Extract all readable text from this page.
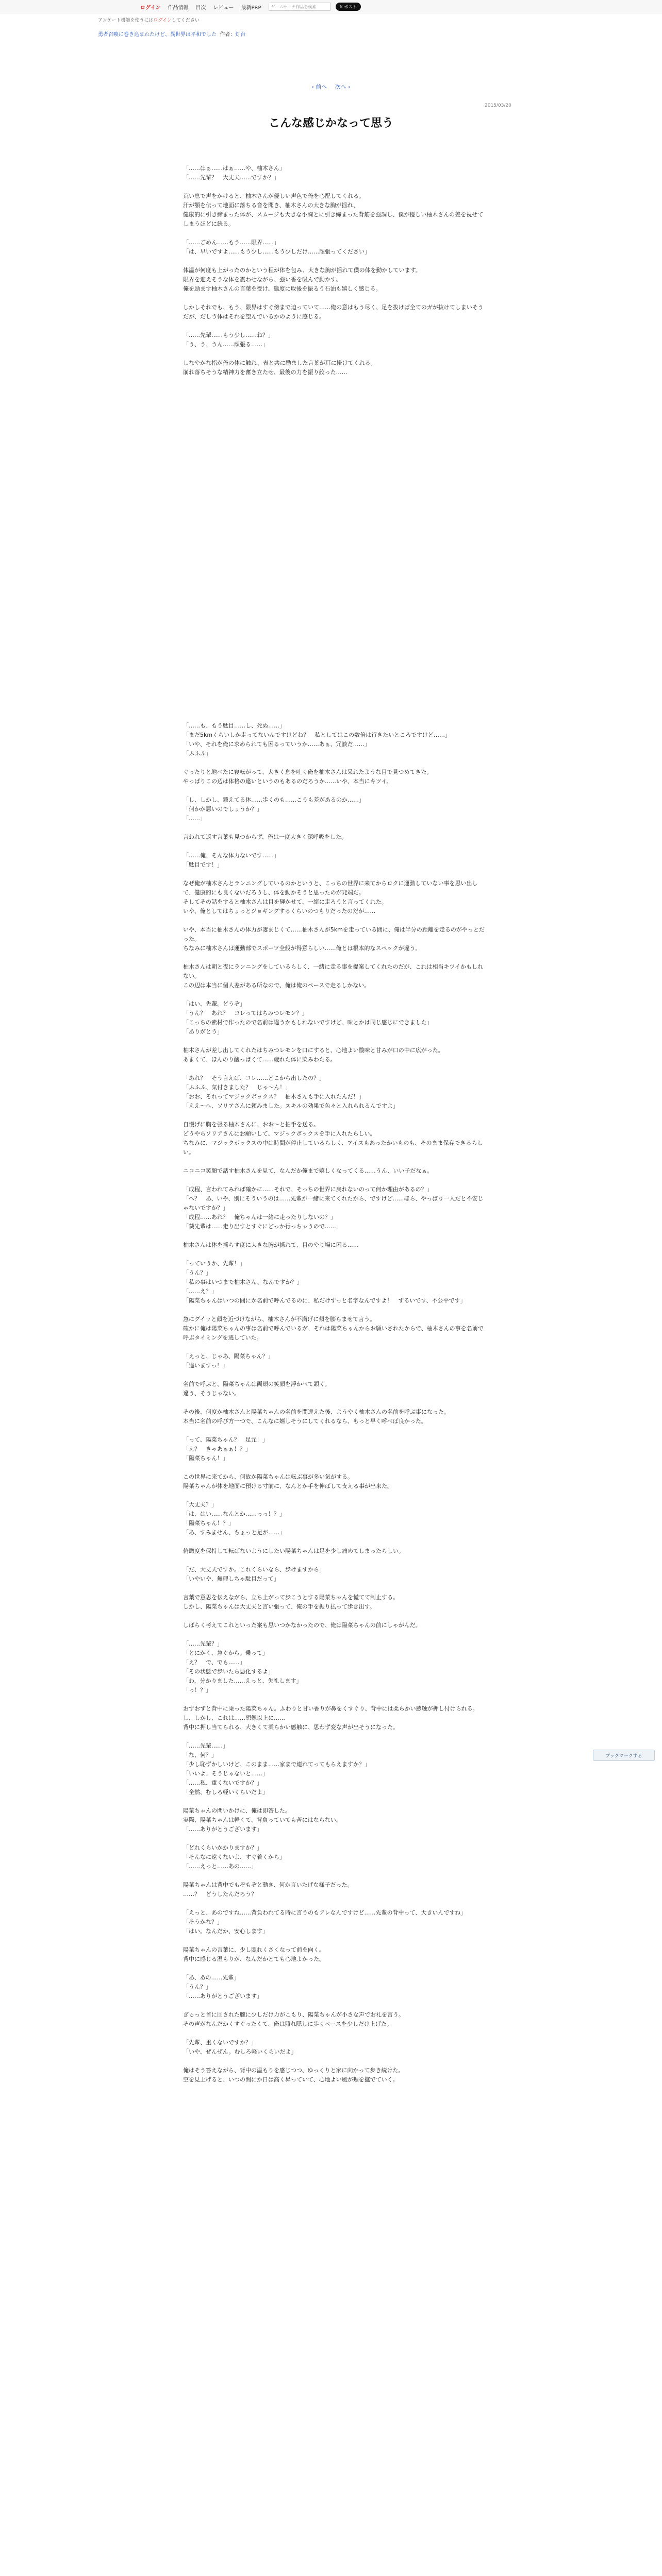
ログイン 作品情報 目次 レビュー 最新PRP	ゲームサーチ作品を検索	𝕏 ポスト
アンケート機能を使うにはログインしてください
勇者召喚に巻き込まれたけど、異世界は平和でした 作者：灯台
‹ 前へ 次へ ›
2015/03/20
こんな感じかなって思う
「……はぁ……はぁ……や、柚木さん」
「……先輩？　大丈夫……ですか？」
荒い息で声をかけると、柚木さんが優しい声色で俺を心配してくれる。
汗が顎を伝って地面に落ちる音を聞き、柚木さんの大きな胸が揺れ、
健康的に引き締まった体が、スムージも大きな小胸とに引き締まった背筋を強調し、僕が優しい柚木さんの差を視せてしまうほどに続る。
「……ごめん……もう……限界……」
「は、早いですよ……もう少し……もう少しだけ……頑張ってください」
体温が何度も上がったのかという程が体を包み、大きな胸が揺れて僕の体を動かしています。
限界を迎えそうな体を震わせながら、強い香を吸んで動かす。
俺を励ます柚木さんの言葉を受け、態度に取後を振るう石油も嬉しく感じる。
しかしそれでも、もう、限界はすぐ傍まで迫っていて……俺の意はもう尽く、足を抜けば全てのガが抜けてしまいそうだが、だしう体はそれを望んでいるかのように感じる。
「……先輩……もう少し……ね？」
「う、う、うん……頑張る……」
しなやかな指が俺の体に触れ、表と共に励ました言葉が耳に掛けてくれる。
崩れ落ちそうな精神力を奮き立たせ、最後の力を振り絞った……
「……も、もう駄目……し、死ぬ……」
「まだ5kmくらいしか走ってないんですけどね？　私としてはこの数倍は行きたいところですけど……」
「いや、それを俺に求められても困るっていうか……あぁ、冗談だ……」
「ふふふ」
ぐったりと地べたに寝転がって、大きく息を吐く俺を柚木さんは呆れたような目で見つめてきた。
やっぱりこの辺は体格の違いというのもあるのだろうか……いや、本当にキツイ。
「し、しかし、鍛えてる体……歩くのも……こうも差があるのか……」
「何かが悪いのでしょうか？」
「……」
言われて返す言葉も見つからず、俺は一度大きく深呼吸をした。
「……俺、そんな体力ないです……」
「駄目です！」
なぜ俺が柚木さんとランニングしているのかというと、こっちの世界に来てからロクに運動していない事を思い出して、健康的にも良くないだろうし、体を動かそうと思ったのが発端だ。
そしてその話をすると柚木さんは目を輝かせて、一緒に走ろうと言ってくれた。
いや、俺としてはちょっとジョギングするくらいのつもりだったのだが……
いや、本当に柚木さんの体力が凄まじくて……柚木さんが5kmを走っている間に、俺は半分の距離を走るのがやっとだった。
ちなみに柚木さんは運動部でスポーツ全般が得意らしい……俺とは根本的なスペックが違う。
柚木さんは朝と夜にランニングをしているらしく、一緒に走る事を提案してくれたのだが、これは相当キツイかもしれない。
この辺は本当に個人差がある所なので、俺は俺のペースで走るしかない。
「はい、先輩。どうぞ」
「うん？　あれ？　コレってはちみつレモン？」
「こっちの素材で作ったので名前は違うかもしれないですけど、味とかは同じ感じにできました」
「ありがとう」
柚木さんが差し出してくれたはちみつレモンを口にすると、心地よい酸味と甘みが口の中に広がった。
あまくて、ほんのり酸っぱくて……疲れた体に染みわたる。
「あれ？　そう言えば、コレ……どこから出したの？」
「ふふふ、気付きました？　じゃ〜ん！」
「おお、それってマジックボックス？　柚木さんも手に入れたんだ！」
「ええ〜へ、ソリアさんに頼みました。スキルの効果で色々と入れられるんですよ」
自慢げに胸を張る柚木さんに、おお〜と拍手を送る。
どうやらソリアさんにお願いして、マジックボックスを手に入れたらしい。
ちなみに、マジックボックスの中は時間が停止しているらしく、アイスもあったかいものも、そのまま保存できるらしい。
ニコニコ笑顔で話す柚木さんを見て、なんだか俺まで嬉しくなってくる……うん、いい子だなぁ。
「成程、言われてみれば確かに……それで、そっちの世界に戻れないのって何か理由があるの？」
「へ？　あ、いや、別にそういうのは……先輩が一緒に来てくれたから、ですけど……ほら、やっぱり一人だと不安じゃないですか？」
「成程……あれ？　俺ちゃんは一緒に走ったりしないの？」
「葵先輩は……走り出すとすぐにどっか行っちゃうので……」
柚木さんは体を揺らす度に大きな胸が揺れて、目のやり場に困る……
「っていうか、先輩！」
「うん？」
「私の事はいつまで柚木さん、なんですか？」
「……え？」
「陽菜ちゃんはいつの間にか名前で呼んでるのに、私だけずっと名字なんですよ！　ずるいです、不公平です」
急にグイッと顔を近づけながら、柚木さんが不満げに頬を膨らませて言う。
確かに俺は陽菜ちゃんの事は名前で呼んでいるが、それは陽菜ちゃんからお願いされたからで、柚木さんの事を名前で呼ぶタイミングを逃していた。
「えっと、じゃあ、陽菜ちゃん？」
「違いますっ！」
名前で呼ぶと、陽菜ちゃんは両頬の笑顔を浮かべて頷く。
違う、そうじゃない。
その後、何度か柚木さんと陽菜ちゃんの名前を間違えた後、ようやく柚木さんの名前を呼ぶ事になった。
本当に名前の呼び方一つで、こんなに嬉しそうにしてくれるなら、もっと早く呼べば良かった。
「って、陽菜ちゃん？　足元！」
「え？　きゃあぁぁ！？」
「陽菜ちゃん！」
この世界に来てから、何故か陽菜ちゃんは転ぶ事が多い気がする。
陽菜ちゃんが体を地面に預ける寸前に、なんとか手を伸ばして支える事が出来た。
「大丈夫？」
「は、はい……なんとか……っっ！？」
「陽菜ちゃん！？」
「あ、すみません、ちょっと足が……」
俯瞰度を保持して転ばないようにしたい陽菜ちゃんは足を少し痛めてしまったらしい。
「だ、大丈夫ですか。これくらいなら、歩けますから」
「いやいや、無理しちゃ駄目だって」
言葉で意思を伝えながら、立ち上がって歩こうとする陽菜ちゃんを慌てて制止する。
しかし、陽菜ちゃんは大丈夫と言い張って、俺の手を振り払って歩き出す。
しばらく考えてこれといった案も思いつかなかったので、俺は陽菜ちゃんの前にしゃがんだ。
「……先輩？」
「とにかく、急ぐから。乗って」
「え？　で、でも……」
「その状態で歩いたら悪化するよ」
「わ、分かりました……えっと、失礼します」
「っ！？」
おずおずと背中に乗った陽菜ちゃん。ふわりと甘い香りが鼻をくすぐり、背中には柔らかい感触が押し付けられる。
し、しかし、これは……想像以上に……
背中に押し当てられる、大きくて柔らかい感触に、思わず変な声が出そうになった。
「……先輩……」
「な、何？」
「少し恥ずかしいけど、このまま……家まで連れてってもらえますか？」
「いいよ、そうじゃないと……」
「……私、重くないですか？」
「全然、むしろ軽いくらいだよ」
陽菜ちゃんの問いかけに、俺は即答した。
実際、陽菜ちゃんは軽くて、背負っていても苦にはならない。
「……ありがとうございます」
「どれくらいかかりますか？」
「そんなに遠くないよ、すぐ着くから」
「……えっと……あの……」
陽菜ちゃんは背中でもぞもぞと動き、何か言いたげな様子だった。
……？　どうしたんだろう？
「えっと、あのですね……背負われてる時に言うのもアレなんですけど……先輩の背中って、大きいんですね」
「そうかな？」
「はい。なんだか、安心します」
陽菜ちゃんの言葉に、少し照れくさくなって前を向く。
背中に感じる温もりが、なんだかとても心地よかった。
「あ、あの……先輩」
「うん？」
「……ありがとうございます」
ぎゅっと首に回された腕に少しだけ力がこもり、陽菜ちゃんが小さな声でお礼を言う。
その声がなんだかくすぐったくて、俺は照れ隠しに歩くペースを少しだけ上げた。
「先輩、重くないですか？」
「いや、ぜんぜん。むしろ軽いくらいだよ」
俺はそう答えながら、背中の温もりを感じつつ、ゆっくりと家に向かって歩き続けた。
空を見上げると、いつの間にか日は高く昇っていて、心地よい風が頬を撫でていく。
ブックマークする
